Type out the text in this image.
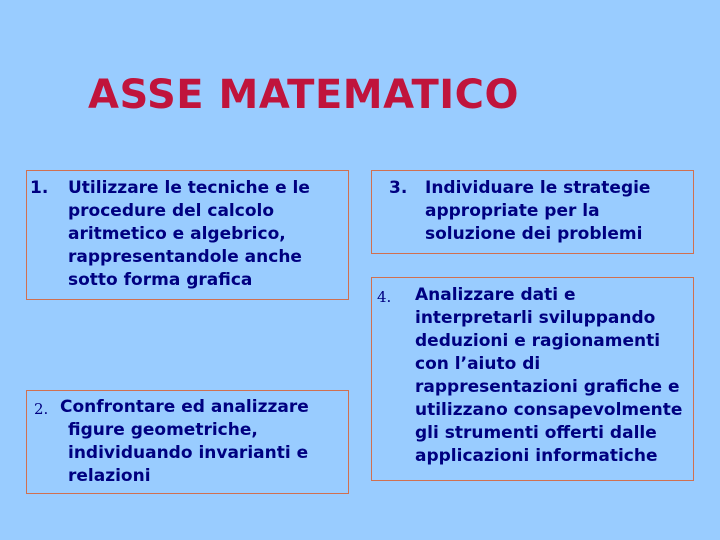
ASSE MATEMATICO
1. Utilizzare le tecniche e le
procedure del calcolo
aritmetico e algebrico,
rappresentandole anche
sotto forma grafica
2. Confrontare ed analizzare
figure geometriche,
individuando invarianti e
relazioni
3. Individuare le strategie
appropriate per la
soluzione dei problemi
4. Analizzare dati e
interpretarli sviluppando
deduzioni e ragionamenti
con l’aiuto di
rappresentazioni grafiche e
utilizzano consapevolmente
gli strumenti offerti dalle
applicazioni informatiche
